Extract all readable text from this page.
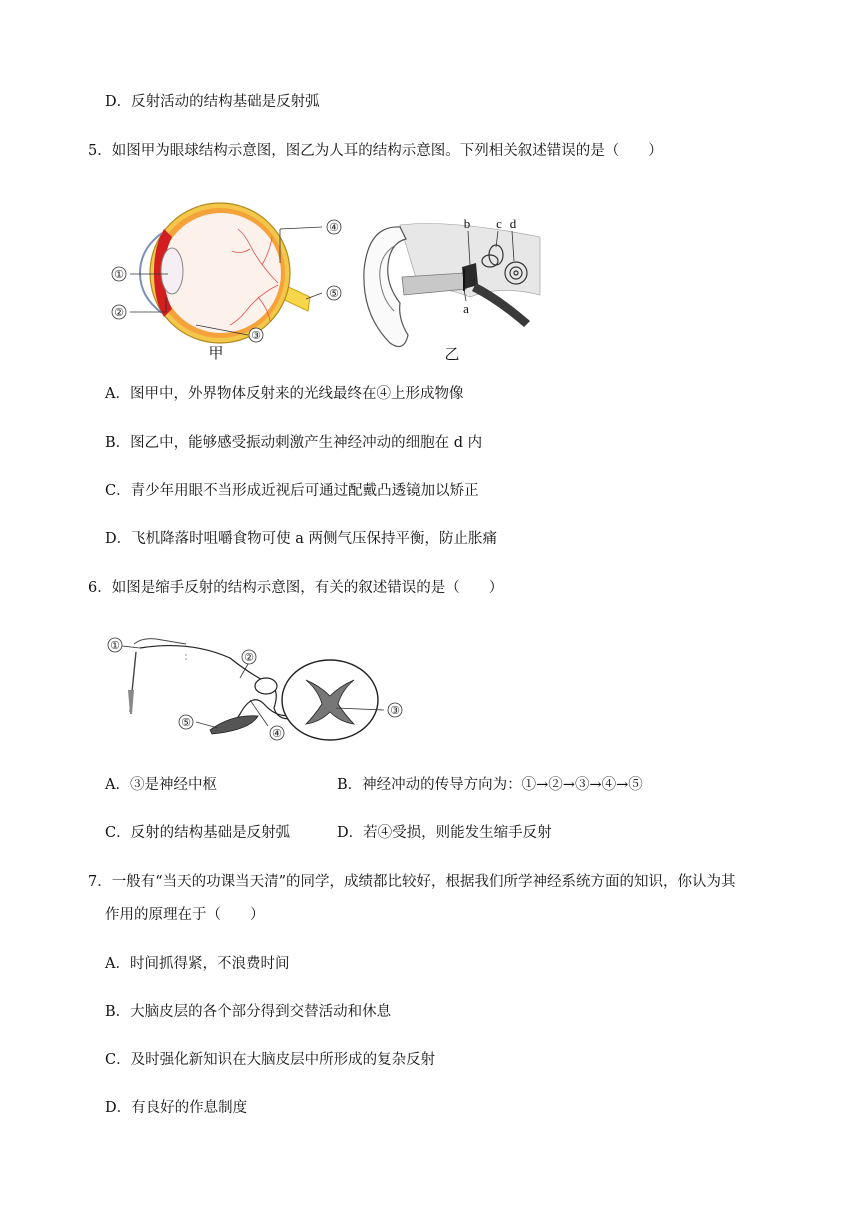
D．反射活动的结构基础是反射弧
5．如图甲为眼球结构示意图，图乙为人耳的结构示意图。下列相关叙述错误的是（　　）
①
②
③
④
⑤
甲
b c d
a
乙
A．图甲中，外界物体反射来的光线最终在④上形成物像
B．图乙中，能够感受振动刺激产生神经冲动的细胞在 d 内
C．青少年用眼不当形成近视后可通过配戴凸透镜加以矫正
D．飞机降落时咀嚼食物可使 a 两侧气压保持平衡，防止胀痛
6．如图是缩手反射的结构示意图，有关的叙述错误的是（　　）
①
②
③
④
⑤
A．③是神经中枢	B．神经冲动的传导方向为：①→②→③→④→⑤
C．反射的结构基础是反射弧	D．若④受损，则能发生缩手反射
7．一般有“当天的功课当天清”的同学，成绩都比较好，根据我们所学神经系统方面的知识，你认为其
作用的原理在于（　　）
A．时间抓得紧，不浪费时间
B．大脑皮层的各个部分得到交替活动和休息
C．及时强化新知识在大脑皮层中所形成的复杂反射
D．有良好的作息制度
